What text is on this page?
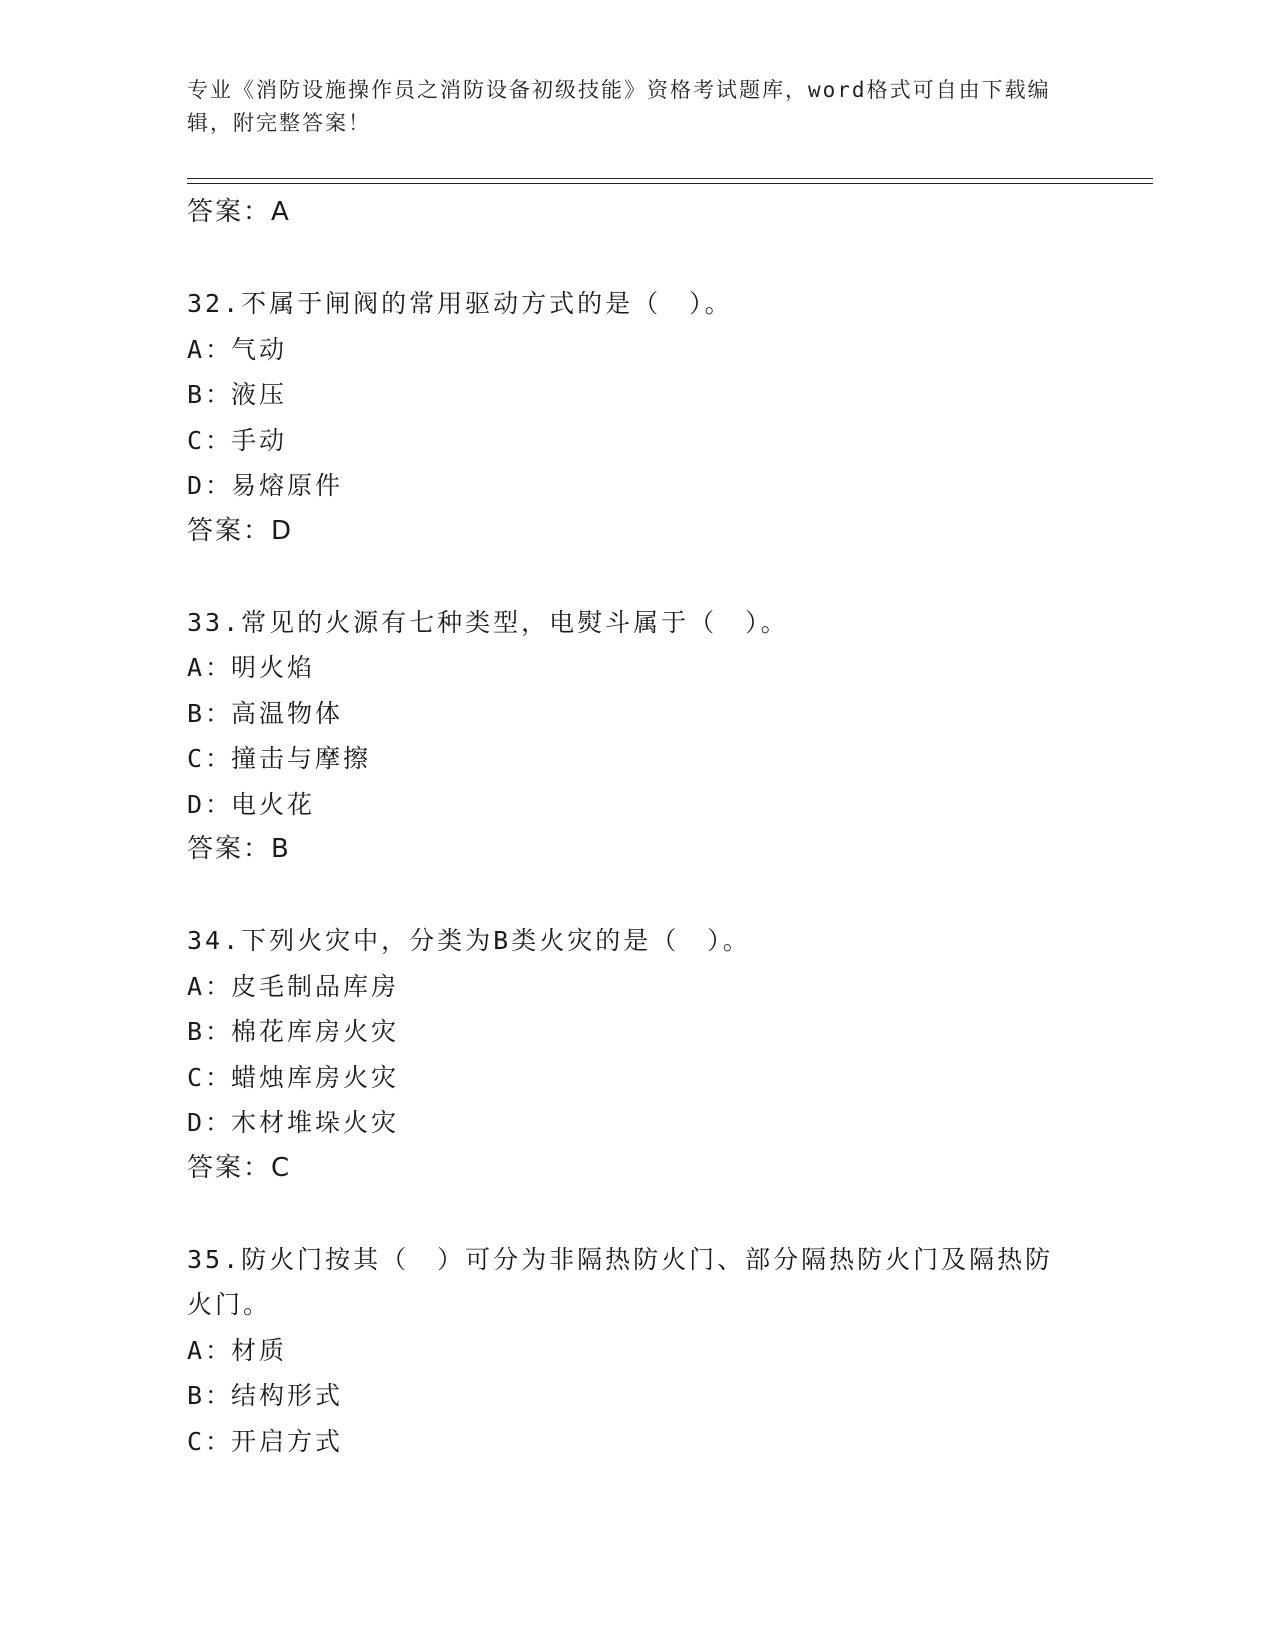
专业《消防设施操作员之消防设备初级技能》资格考试题库，word格式可自由下载编辑，附完整答案！
答案：A
32.不属于闸阀的常用驱动方式的是（　）。
A：气动
B：液压
C：手动
D：易熔原件
答案：D
33.常见的火源有七种类型，电熨斗属于（　）。
A：明火焰
B：高温物体
C：撞击与摩擦
D：电火花
答案：B
34.下列火灾中，分类为B类火灾的是（　）。
A：皮毛制品库房
B：棉花库房火灾
C：蜡烛库房火灾
D：木材堆垛火灾
答案：C
35.防火门按其（　）可分为非隔热防火门、部分隔热防火门及隔热防
火门。
A：材质
B：结构形式
C：开启方式
